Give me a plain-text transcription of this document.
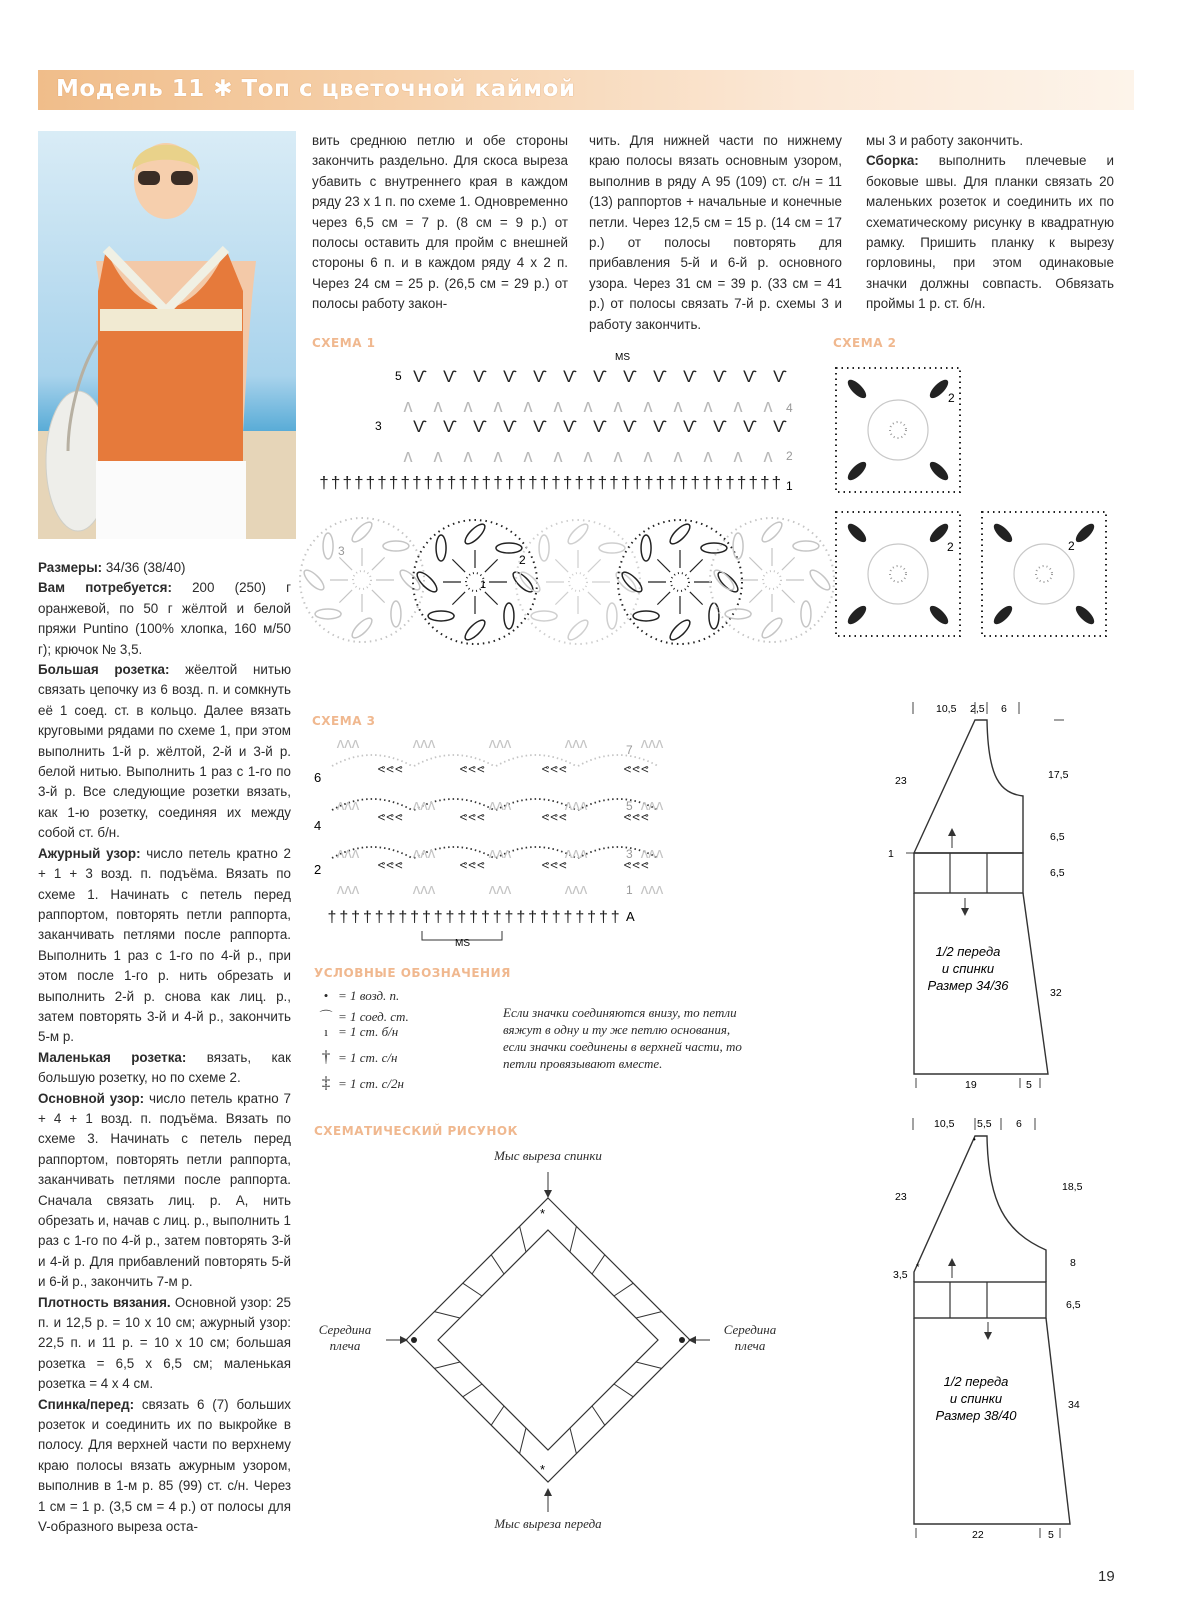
Модель 11 ✱ Топ с цветочной каймой

Размеры: 34/36 (38/40)

Вам потребуется: 200 (250) г оранжевой, по 50 г жёлтой и белой пряжи Puntino (100% хлопка, 160 м/50 г); крючок № 3,5.

Большая розетка: жёелтой нитью связать цепочку из 6 возд. п. и сомкнуть её 1 соед. ст. в кольцо. Далее вязать круговыми рядами по схеме 1, при этом выполнить 1-й р. жёлтой, 2-й и 3-й р. белой нитью. Выполнить 1 раз с 1-го по 3-й р. Все следующие розетки вязать, как 1-ю розетку, соединяя их между собой ст. б/н.

Ажурный узор: число петель кратно 2 + 1 + 3 возд. п. подъёма. Вязать по схеме 1. Начинать с петель перед раппортом, повторять петли раппорта, заканчивать петлями после раппорта. Выполнить 1 раз с 1-го по 4-й р., при этом после 1-го р. нить обрезать и выполнить 2-й р. снова как лиц. р., затем повторять 3-й и 4-й р., закончить 5-м р.

Маленькая розетка: вязать, как большую розетку, но по схеме 2.

Основной узор: число петель кратно 7 + 4 + 1 возд. п. подъёма. Вязать по схеме 3. Начинать с петель перед раппортом, повторять петли раппорта, заканчивать петлями после раппорта. Сначала связать лиц. р. А, нить обрезать и, начав с лиц. р., выполнить 1 раз с 1-го по 4-й р., затем повторять 3-й и 4-й р. Для прибавлений повторять 5-й и 6-й р., закончить 7-м р.

Плотность вязания. Основной узор: 25 п. и 12,5 р. = 10 х 10 см; ажурный узор: 22,5 п. и 11 р. = 10 х 10 см; большая розетка = 6,5 х 6,5 см; маленькая розетка = 4 х 4 см.

Спинка/перед: связать 6 (7) больших розеток и соединить их по выкройке в полосу. Для верхней части по верхнему краю полосы вязать ажурным узором, выполнив в 1-м р. 85 (99) ст. с/н. Через 1 см = 1 р. (3,5 см = 4 р.) от полосы для V-образного выреза оста-

вить среднюю петлю и обе стороны закончить раздельно. Для скоса выреза убавить с внутреннего края в каждом ряду 23 х 1 п. по схеме 1. Одновременно через 6,5 см = 7 р. (8 см = 9 р.) от полосы оставить для пройм с внешней стороны 6 п. и в каждом ряду 4 х 2 п. Через 24 см = 25 р. (26,5 см = 29 р.) от полосы работу закон-

чить. Для нижней части по нижнему краю полосы вязать основным узором, выполнив в ряду А 95 (109) ст. с/н = 11 (13) раппортов + начальные и конечные петли. Через 12,5 см = 15 р. (14 см = 17 р.) от полосы повторять для прибавления 5-й и 6-й р. основного узора. Через 31 см = 39 р. (33 см = 41 р.) от полосы связать 7-й р. схемы 3 и работу закончить.

мы 3 и работу закончить.
Сборка: выполнить плечевые и боковые швы. Для планки связать 20 маленьких розеток и соединить их по схематическому рисунку в квадратную рамку. Пришить планку к вырезу горловины, при этом одинаковые значки должны совпасть. Обвязать проймы 1 р. ст. б/н.

СХЕМА 1
5
4
3
2
1
MS
Ѵ Ѵ Ѵ Ѵ Ѵ Ѵ Ѵ Ѵ Ѵ Ѵ Ѵ Ѵ Ѵ
ʌ ʌ ʌ ʌ ʌ ʌ ʌ ʌ ʌ ʌ ʌ ʌ ʌ
Ѵ Ѵ Ѵ Ѵ Ѵ Ѵ Ѵ Ѵ Ѵ Ѵ Ѵ Ѵ Ѵ
ʌ ʌ ʌ ʌ ʌ ʌ ʌ ʌ ʌ ʌ ʌ ʌ ʌ
† † † † † † † † † † † † † † † † † † † † † † † † † † † † † † † † † † † † † † † †
2
3
1
СХЕМА 2
2
2	2
СХЕМА 3
6
4
2
7
5
3
1
A
MS
† † † † † † † † † † † † † † † † † † † † † † † † †
ᕝᕝᕝ	ᕝᕝᕝ	ᕝᕝᕝ	ᕝᕝᕝ
ᕝᕝᕝ	ᕝᕝᕝ	ᕝᕝᕝ	ᕝᕝᕝ
ᕝᕝᕝ	ᕝᕝᕝ	ᕝᕝᕝ	ᕝᕝᕝ
ʌʌʌ	ʌʌʌ	ʌʌʌ	ʌʌʌ	ʌʌʌ
ʌʌʌ	ʌʌʌ	ʌʌʌ	ʌʌʌ	ʌʌʌ
ʌʌʌ	ʌʌʌ	ʌʌʌ	ʌʌʌ	ʌʌʌ
ʌʌʌ	ʌʌʌ	ʌʌʌ	ʌʌʌ	ʌʌʌ
УСЛОВНЫЕ ОБОЗНАЧЕНИЯ
• = 1 возд. п.
⌒ = 1 соед. ст.
ı = 1 ст. б/н
† = 1 ст. с/н
‡ = 1 ст. с/2н
Если значки соединяются внизу, то петли вяжут в одну и ту же петлю основания, если значки соединены в верхней части, то петли провязывают вместе.
СХЕМАТИЧЕСКИЙ РИСУНОК
Мыс выреза спинки
Мыс выреза переда
Середина плеча
Середина плеча
*
*
10,5 2,5 6
23
1
17,5
6,5
6,5
32
19	5
1/2 переда
и спинки
Размер 34/36
10,5 5,5 6
23
3,5
18,5
8
6,5
34
22	5
*
•
1/2 переда
и спинки
Размер 38/40
19
